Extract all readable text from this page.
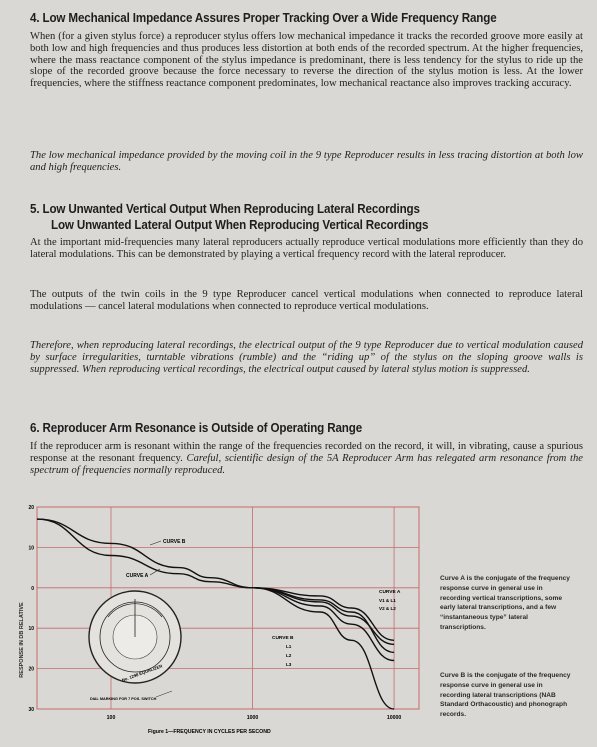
4. Low Mechanical Impedance Assures Proper Tracking Over a Wide Frequency Range

When (for a given stylus force) a reproducer stylus offers low mechanical impedance it tracks the recorded groove more easily at both low and high frequencies and thus produces less distortion at both ends of the recorded spectrum. At the higher frequencies, where the mass reactance component of the stylus impedance is predominant, there is less tendency for the stylus to ride up the slope of the recorded groove because the force necessary to reverse the direction of the stylus motion is less. At the lower frequencies, where the stiffness reactance component predominates, low mechanical reactance also improves tracking accuracy.

The low mechanical impedance provided by the moving coil in the 9 type Reproducer results in less tracing distortion at both low and high frequencies.

5. Low Unwanted Vertical Output When Reproducing Lateral Recordings
Low Unwanted Lateral Output When Reproducing Vertical Recordings

At the important mid-frequencies many lateral reproducers actually reproduce vertical modulations more efficiently than they do lateral modulations. This can be demonstrated by playing a vertical frequency record with the lateral reproducer.

The outputs of the twin coils in the 9 type Reproducer cancel vertical modulations when connected to reproduce lateral modulations — cancel lateral modulations when connected to reproduce vertical modulations.

Therefore, when reproducing lateral recordings, the electrical output of the 9 type Reproducer due to vertical modulation caused by surface irregularities, turntable vibrations (rumble) and the “riding up” of the stylus on the sloping groove walls is suppressed. When reproducing vertical recordings, the electrical output caused by lateral stylus motion is suppressed.

6. Reproducer Arm Resonance is Outside of Operating Range

If the reproducer arm is resonant within the range of the frequencies recorded on the record, it will, in vibrating, cause a spurious response at the resonant frequency. Careful, scientific design of the 5A Reproducer Arm has relegated arm resonance from the spectrum of frequencies normally reproduced.

RESPONSE IN DB RELATIVE
20
10
0
10
20
30
100	1000	10000
CURVE B
CURVE A
CURVE A
V1 & L1
V2 & L2
CURVE B
L1
L2
L3
No. 1298 EQUALIZER
DIAL MARKING FOR 7 POS. SWITCH
Figure 1—FREQUENCY IN CYCLES PER SECOND

Curve A is the conjugate of the frequency response curve in general use in recording vertical transcriptions, some early lateral transcriptions, and a few “instantaneous type” lateral transcriptions.

Curve B is the conjugate of the frequency response curve in general use in recording lateral transcriptions (NAB Standard Orthacoustic) and phonograph records.
